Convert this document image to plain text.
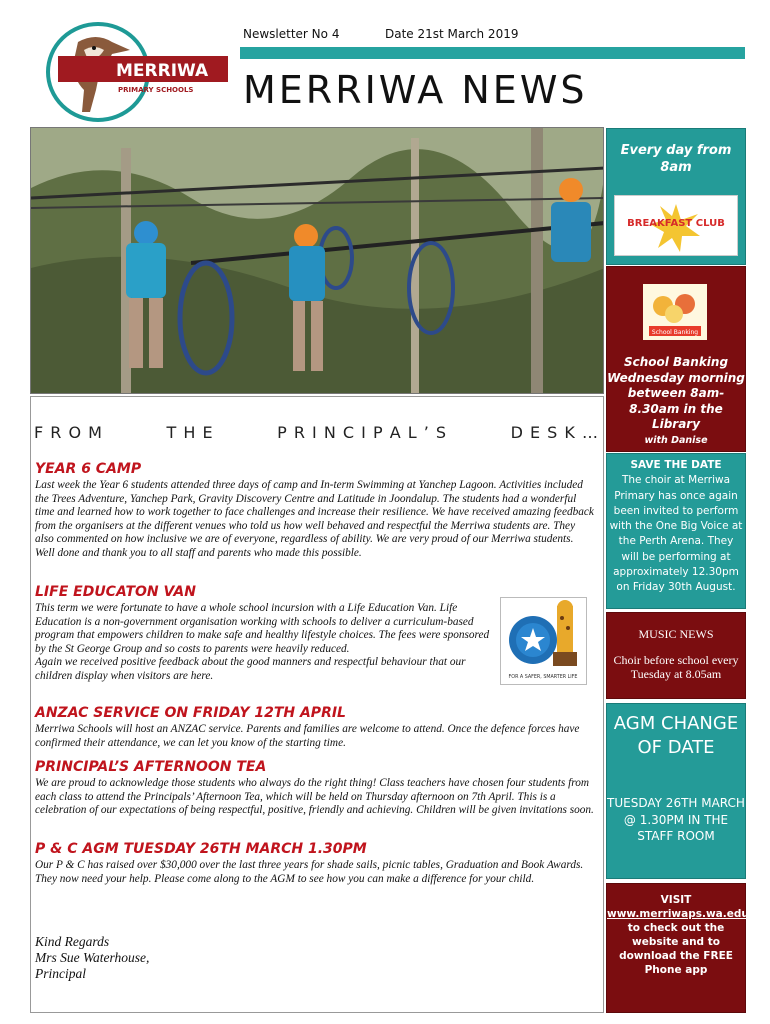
MERRIWA
PRIMARY SCHOOLS
Newsletter No 4	Date 21st March 2019
MERRIWA NEWS
F R O M	T H E	P R I N C I P A L ’ S	D E S K …
YEAR 6 CAMP
Last week the Year 6 students attended three days of camp and In-term Swimming at Yanchep Lagoon. Activities included the Trees Adventure, Yanchep Park, Gravity Discovery Centre and Latitude in Joondalup. The students had a wonderful time and learned how to work together to face challenges and increase their resilience. We have received amazing feedback from the organisers at the different venues who told us how well behaved and respectful the Merriwa students are. They also commented on how inclusive we are of everyone, regardless of ability. We are very proud of our Merriwa students. Well done and thank you to all staff and parents who made this possible.
LIFE EDUCATON VAN
This term we were fortunate to have a whole school incursion with a Life Education Van. Life Education is a non-government organisation working with schools to deliver a curriculum-based program that empowers children to make safe and healthy lifestyle choices. The fees were sponsored by the St George Group and so costs to parents were heavily reduced.
Again we received positive feedback about the good manners and respectful behaviour that our children display when visitors are here.	FOR A SAFER, SMARTER LIFE
ANZAC SERVICE ON FRIDAY 12TH APRIL
Merriwa Schools will host an ANZAC service. Parents and families are welcome to attend. Once the defence forces have confirmed their attendance, we can let you know of the starting time.
PRINCIPAL’S AFTERNOON TEA
We are proud to acknowledge those students who always do the right thing! Class teachers have chosen four students from each class to attend the Principals’ Afternoon Tea, which will be held on Thursday afternoon on 7th April. This is a celebration of our expectations of being respectful, positive, friendly and achieving. Children will be given invitations soon.
P & C AGM TUESDAY 26TH MARCH 1.30PM
Our P & C has raised over $30,000 over the last three years for shade sails, picnic tables, Graduation and Book Awards. They now need your help. Please come along to the AGM to see how you can make a difference for your child.
Kind Regards
Mrs Sue Waterhouse,
Principal
Every day from 8am
BREAKFAST CLUB
School Banking
School Banking Wednesday morning between 8am-8.30am in the Library
with Danise
SAVE THE DATE
The choir at Merriwa Primary has once again been invited to perform with the One Big Voice at the Perth Arena. They will be performing at approximately 12.30pm on Friday 30th August.
MUSIC NEWS
Choir before school every Tuesday at 8.05am
AGM CHANGE OF DATE
TUESDAY 26TH MARCH @ 1.30PM IN THE STAFF ROOM
VISIT
www.merriwaps.wa.edu.au
to check out the website and to download the FREE Phone app
